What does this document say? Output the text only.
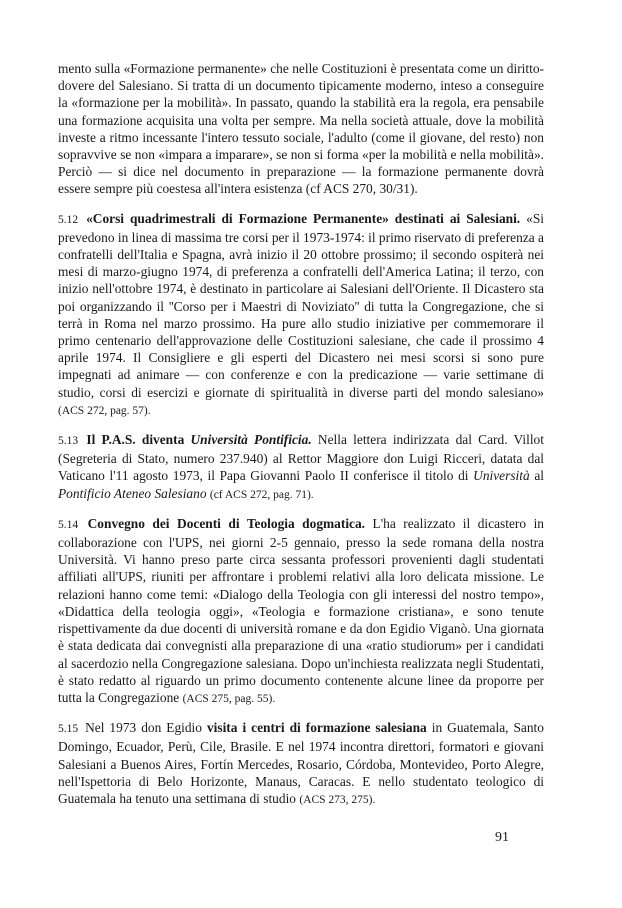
mento sulla «Formazione permanente» che nelle Costituzioni è presentata come un diritto-dovere del Salesiano. Si tratta di un documento tipicamente moderno, inteso a conseguire la «formazione per la mobilità». In passato, quando la stabilità era la regola, era pensabile una formazione acquisita una volta per sempre. Ma nella società attuale, dove la mobilità investe a ritmo incessante l'intero tessuto sociale, l'adulto (come il giovane, del resto) non sopravvive se non «impara a imparare», se non si forma «per la mobilità e nella mobilità». Perciò — si dice nel documento in preparazione — la formazione permanente dovrà essere sempre più coestesa all'intera esistenza (cf ACS 270, 30/31).

5.12 «Corsi quadrimestrali di Formazione Permanente» destinati ai Salesiani. «Si prevedono in linea di massima tre corsi per il 1973-1974: il primo riservato di preferenza a confratelli dell'Italia e Spagna, avrà inizio il 20 ottobre prossimo; il secondo ospiterà nei mesi di marzo-giugno 1974, di preferenza a confratelli dell'America Latina; il terzo, con inizio nell'ottobre 1974, è destinato in particolare ai Salesiani dell'Oriente. Il Dicastero sta poi organizzando il ''Corso per i Maestri di Noviziato'' di tutta la Congregazione, che si terrà in Roma nel marzo prossimo. Ha pure allo studio iniziative per commemorare il primo centenario dell'approvazione delle Costituzioni salesiane, che cade il prossimo 4 aprile 1974. Il Consigliere e gli esperti del Dicastero nei mesi scorsi si sono pure impegnati ad animare — con conferenze e con la predicazione — varie settimane di studio, corsi di esercizi e giornate di spiritualità in diverse parti del mondo salesiano» (ACS 272, pag. 57).

5.13 Il P.A.S. diventa Università Pontificia. Nella lettera indirizzata dal Card. Villot (Segreteria di Stato, numero 237.940) al Rettor Maggiore don Luigi Ricceri, datata dal Vaticano l'11 agosto 1973, il Papa Giovanni Paolo II conferisce il titolo di Università al Pontificio Ateneo Salesiano (cf ACS 272, pag. 71).

5.14 Convegno dei Docenti di Teologia dogmatica. L'ha realizzato il dicastero in collaborazione con l'UPS, nei giorni 2-5 gennaio, presso la sede romana della nostra Università. Vi hanno preso parte circa sessanta professori provenienti dagli studentati affiliati all'UPS, riuniti per affrontare i problemi relativi alla loro delicata missione. Le relazioni hanno come temi: «Dialogo della Teologia con gli interessi del nostro tempo», «Didattica della teologia oggi», «Teologia e formazione cristiana», e sono tenute rispettivamente da due docenti di università romane e da don Egidio Viganò. Una giornata è stata dedicata dai convegnisti alla preparazione di una «ratio studiorum» per i candidati al sacerdozio nella Congregazione salesiana. Dopo un'inchiesta realizzata negli Studentati, è stato redatto al riguardo un primo documento contenente alcune linee da proporre per tutta la Congregazione (ACS 275, pag. 55).

5.15 Nel 1973 don Egidio visita i centri di formazione salesiana in Guatemala, Santo Domingo, Ecuador, Perù, Cile, Brasile. E nel 1974 incontra direttori, formatori e giovani Salesiani a Buenos Aires, Fortín Mercedes, Rosario, Córdoba, Montevideo, Porto Alegre, nell'Ispettoria di Belo Horizonte, Manaus, Caracas. E nello studentato teologico di Guatemala ha tenuto una settimana di studio (ACS 273, 275).

91
